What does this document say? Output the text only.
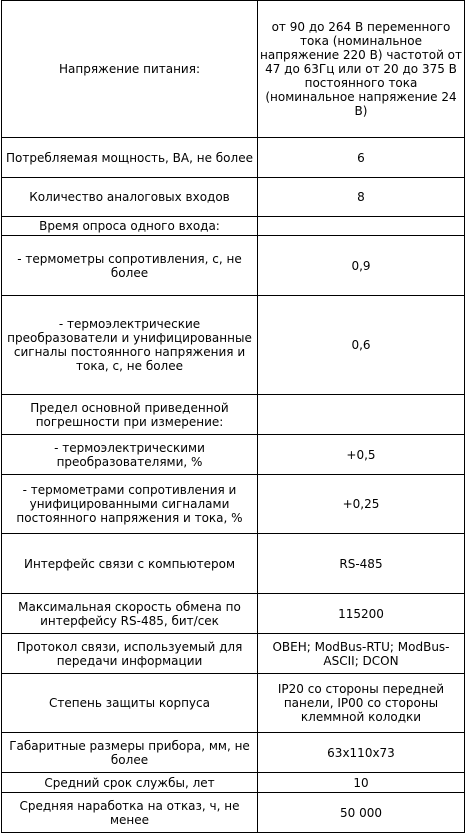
Напряжение питания:	от 90 до 264 В переменного тока (номинальное напряжение 220 В) частотой от 47 до 63Гц или от 20 до 375 В постоянного тока (номинальное напряжение 24 В)
Потребляемая мощность, ВА, не более	6
Количество аналоговых входов	8
Время опроса одного входа:	
- термометры сопротивления, с, не более	0,9
- термоэлектрические преобразователи и унифицированные сигналы постоянного напряжения и тока, с, не более	0,6
Предел основной приведенной погрешности при измерение:	
- термоэлектрическими преобразователями, %	+0,5
- термометрами сопротивления и унифицированными сигналами постоянного напряжения и тока, %	+0,25
Интерфейс связи с компьютером	RS-485
Максимальная скорость обмена по интерфейсу RS-485, бит/сек	115200
Протокол связи, используемый для передачи информации	ОВЕН; ModBus-RTU; ModBus-ASCII; DCON
Степень защиты корпуса	IP20 со стороны передней панели, IP00 со стороны клеммной колодки
Габаритные размеры прибора, мм, не более	63x110x73
Средний срок службы, лет	10
Средняя наработка на отказ, ч, не менее	50 000
